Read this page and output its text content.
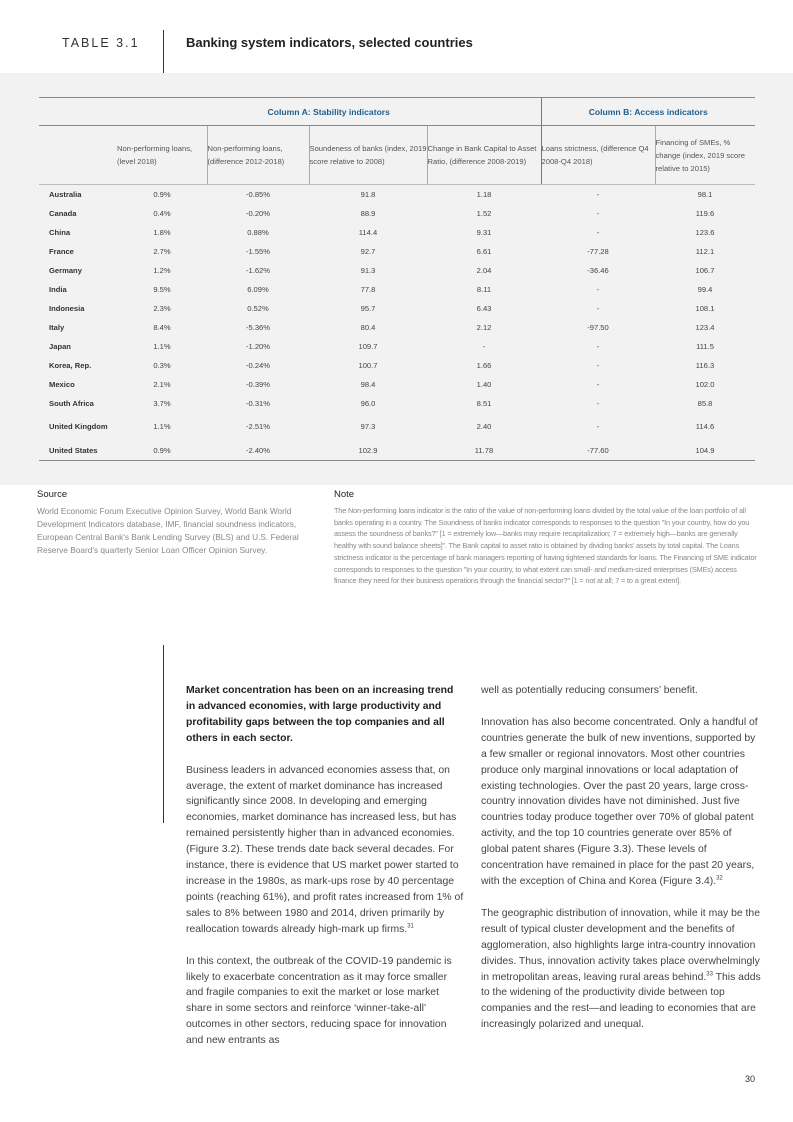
TABLE 3.1	Banking system indicators, selected countries
	Column A: Stability indicators				Column B: Access indicators	
	Non-performing loans, (level 2018)	Non-performing loans, (difference 2012-2018)	Soundeness of banks (index, 2019 score relative to 2008)	Change in Bank Capital to Asset Ratio, (difference 2008-2019)	Loans strictness, (difference Q4 2008-Q4 2018)	Financing of SMEs, % change (index, 2019 score relative to 2015)
Australia	0.9%	-0.85%	91.8	1.18	-	98.1
Canada	0.4%	-0.20%	88.9	1.52	-	119.6
China	1.8%	0.88%	114.4	9.31	-	123.6
France	2.7%	-1.55%	92.7	6.61	-77.28	112.1
Germany	1.2%	-1.62%	91.3	2.04	-36.46	106.7
India	9.5%	6.09%	77.8	8.11	-	99.4
Indonesia	2.3%	0.52%	95.7	6.43	-	108.1
Italy	8.4%	-5.36%	80.4	2.12	-97.50	123.4
Japan	1.1%	-1.20%	109.7	-	-	111.5
Korea, Rep.	0.3%	-0.24%	100.7	1.66	-	116.3
Mexico	2.1%	-0.39%	98.4	1.40	-	102.0
South Africa	3.7%	-0.31%	96.0	8.51	-	85.8
United Kingdom	1.1%	-2.51%	97.3	2.40	-	114.6
United States	0.9%	-2.40%	102.9	11.78	-77.60	104.9
Source
World Economic Forum Executive Opinion Survey, World Bank World Development Indicators database, IMF, financial soundness indicators, European Central Bank's Bank Lending Survey (BLS) and U.S. Federal Reserve Board's quarterly Senior Loan Officer Opinion Survey.
Note
The Non-performing loans indicator is the ratio of the value of non-performing loans divided by the total value of the loan portfolio of all banks operating in a country. The Soundness of banks indicator corresponds to responses to the question "In your country, how do you assess the soundness of banks?" [1 = extremely low—banks may require recapitalization; 7 = extremely high—banks are generally healthy with sound balance sheets]". The Bank capital to asset ratio is obtained by dividing banks' assets by total capital. The Loans strictness indicator is the percentage of bank managers reporting of having tightened standards for loans. The Financing of SME indicator corresponds to responses to the question "In your country, to what extent can small- and medium-sized enterprises (SMEs) access finance they need for their business operations through the financial sector?" [1 = not at all; 7 = to a great extent].

Market concentration has been on an increasing trend in advanced economies, with large productivity and profitability gaps between the top companies and all others in each sector.

Business leaders in advanced economies assess that, on average, the extent of market dominance has increased significantly since 2008. In developing and emerging economies, market dominance has increased less, but has remained persistently higher than in advanced economies. (Figure 3.2). These trends date back several decades. For instance, there is evidence that US market power started to increase in the 1980s, as mark-ups rose by 40 percentage points (reaching 61%), and profit rates increased from 1% of sales to 8% between 1980 and 2014, driven primarily by reallocation towards already high-mark up firms.$^{31}$

In this context, the outbreak of the COVID-19 pandemic is likely to exacerbate concentration as it may force smaller and fragile companies to exit the market or lose market share in some sectors and reinforce ‘winner-take-all’ outcomes in other sectors, reducing space for innovation and new entrants as

well as potentially reducing consumers’ benefit.

Innovation has also become concentrated. Only a handful of countries generate the bulk of new inventions, supported by a few smaller or regional innovators. Most other countries produce only marginal innovations or local adaptation of existing technologies. Over the past 20 years, large cross-country innovation divides have not diminished. Just five countries today produce together over 70% of global patent activity, and the top 10 countries generate over 85% of global patent shares (Figure 3.3). These levels of concentration have remained in place for the past 20 years, with the exception of China and Korea (Figure 3.4).$^{32}$

The geographic distribution of innovation, while it may be the result of typical cluster development and the benefits of agglomeration, also highlights large intra-country innovation divides. Thus, innovation activity takes place overwhelmingly in metropolitan areas, leaving rural areas behind.$^{33}$ This adds to the widening of the productivity divide between top companies and the rest—and leading to economies that are increasingly polarized and unequal.

30
